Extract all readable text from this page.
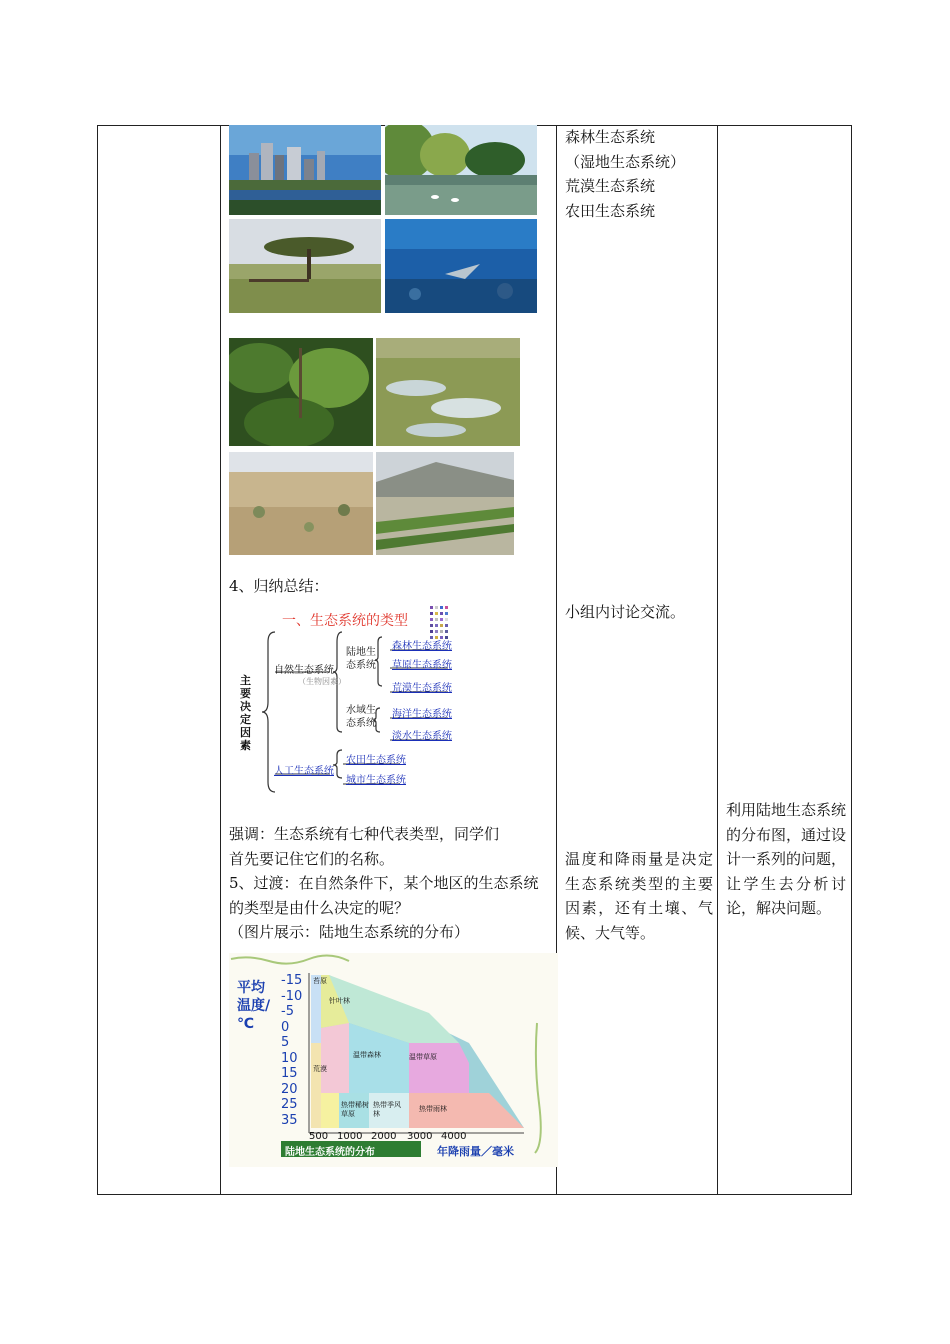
4、归纳总结：
一、生态系统的类型
主要决定因素
自然生态系统
（生物因素）
陆地生态系统
水域生态系统
森林生态系统
草原生态系统
荒漠生态系统
海洋生态系统
淡水生态系统
人工生态系统
农田生态系统
城市生态系统
强调：生态系统有七种代表类型，同学们首先要记住它们的名称。
5、过渡：在自然条件下，某个地区的生态系统的类型是由什么决定的呢？
（图片展示：陆地生态系统的分布）
平均温度/℃
-15
-10
-5
0
5
10
15
20
25
35
500 1000 2000 3000 4000
苔原
针叶林
温带森林	温带草原
荒漠
热带雨林
热带季风林
热带稀树草原
陆地生态系统的分布	年降雨量／毫米
森林生态系统
（湿地生态系统）
荒漠生态系统
农田生态系统
小组内讨论交流。
温度和降雨量是决定生态系统类型的主要因素，还有土壤、气候、大气等。
利用陆地生态系统的分布图，通过设计一系列的问题，让学生去分析讨论，解决问题。
